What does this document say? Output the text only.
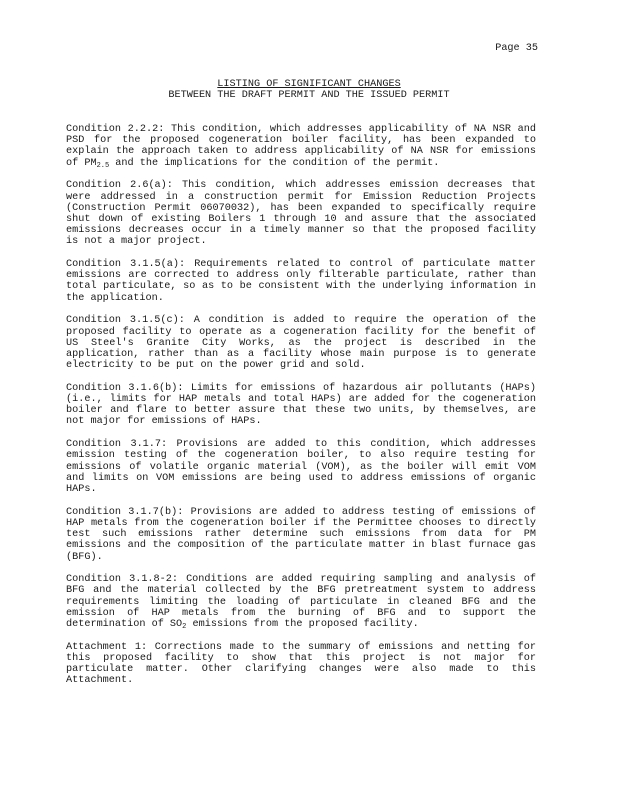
Page 35
LISTING OF SIGNIFICANT CHANGES
BETWEEN THE DRAFT PERMIT AND THE ISSUED PERMIT

Condition 2.2.2: This condition, which addresses applicability of NA NSR and PSD for the proposed cogeneration boiler facility, has been expanded to explain the approach taken to address applicability of NA NSR for emissions of $PM_{2.5}$ and the implications for the condition of the permit.

Condition 2.6(a): This condition, which addresses emission decreases that were addressed in a construction permit for Emission Reduction Projects (Construction Permit 06070032), has been expanded to specifically require shut down of existing Boilers 1 through 10 and assure that the associated emissions decreases occur in a timely manner so that the proposed facility is not a major project.

Condition 3.1.5(a): Requirements related to control of particulate matter emissions are corrected to address only filterable particulate, rather than total particulate, so as to be consistent with the underlying information in the application.

Condition 3.1.5(c): A condition is added to require the operation of the proposed facility to operate as a cogeneration facility for the benefit of US Steel's Granite City Works, as the project is described in the application, rather than as a facility whose main purpose is to generate electricity to be put on the power grid and sold.

Condition 3.1.6(b): Limits for emissions of hazardous air pollutants (HAPs) (i.e., limits for HAP metals and total HAPs) are added for the cogeneration boiler and flare to better assure that these two units, by themselves, are not major for emissions of HAPs.

Condition 3.1.7: Provisions are added to this condition, which addresses emission testing of the cogeneration boiler, to also require testing for emissions of volatile organic material (VOM), as the boiler will emit VOM and limits on VOM emissions are being used to address emissions of organic HAPs.

Condition 3.1.7(b): Provisions are added to address testing of emissions of HAP metals from the cogeneration boiler if the Permittee chooses to directly test such emissions rather determine such emissions from data for PM emissions and the composition of the particulate matter in blast furnace gas (BFG).

Condition 3.1.8-2: Conditions are added requiring sampling and analysis of BFG and the material collected by the BFG pretreatment system to address requirements limiting the loading of particulate in cleaned BFG and the emission of HAP metals from the burning of BFG and to support the determination of $SO_2$ emissions from the proposed facility.

Attachment 1: Corrections made to the summary of emissions and netting for this proposed facility to show that this project is not major for particulate matter. Other clarifying changes were also made to this Attachment.
